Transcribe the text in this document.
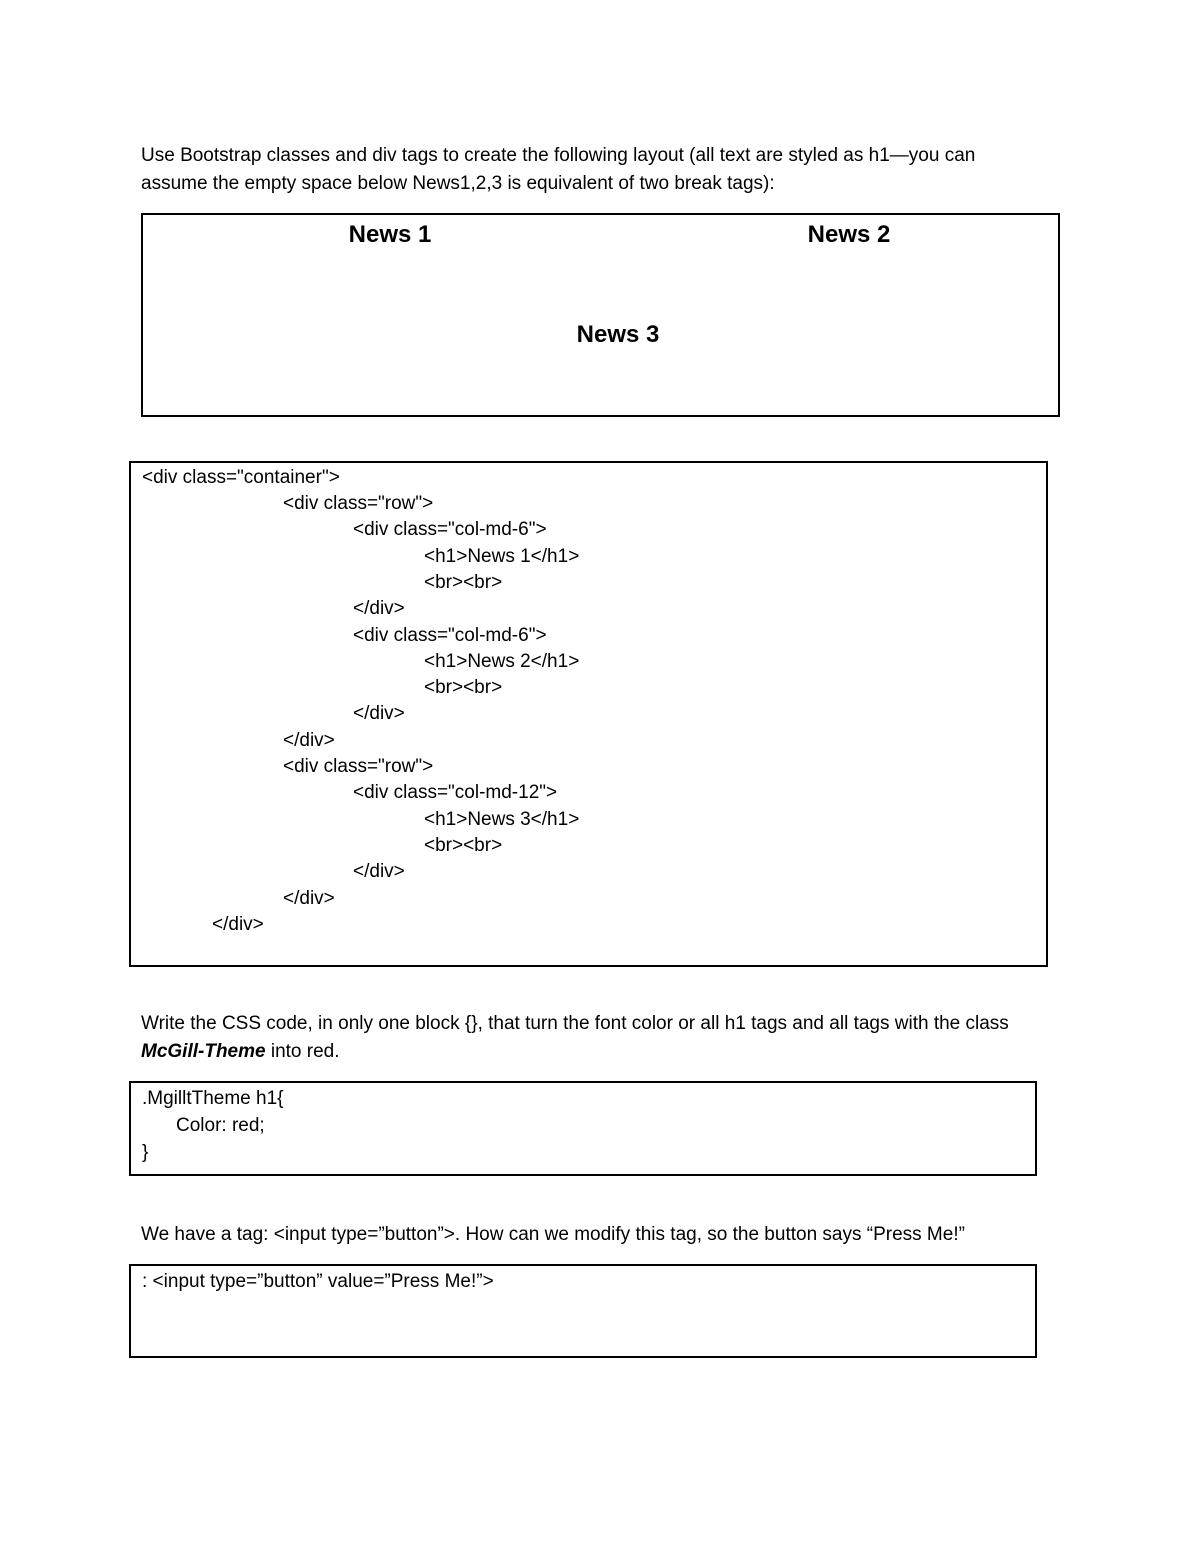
Use Bootstrap classes and div tags to create the following layout (all text are styled as h1—you can
assume the empty space below News1,2,3 is equivalent of two break tags):
News 1	News 2
News 3
<div class="container">
<div class="row">
<div class="col-md-6">
<h1>News 1</h1>
<br><br>
</div>
<div class="col-md-6">
<h1>News 2</h1>
<br><br>
</div>
</div>
<div class="row">
<div class="col-md-12">
<h1>News 3</h1>
<br><br>
</div>
</div>
</div>
Write the CSS code, in only one block {}, that turn the font color or all h1 tags and all tags with the class
McGill-Theme into red.
.MgilltTheme h1{
Color: red;
}
We have a tag: <input type=”button”>. How can we modify this tag, so the button says “Press Me!”
: <input type=”button” value=”Press Me!”>
